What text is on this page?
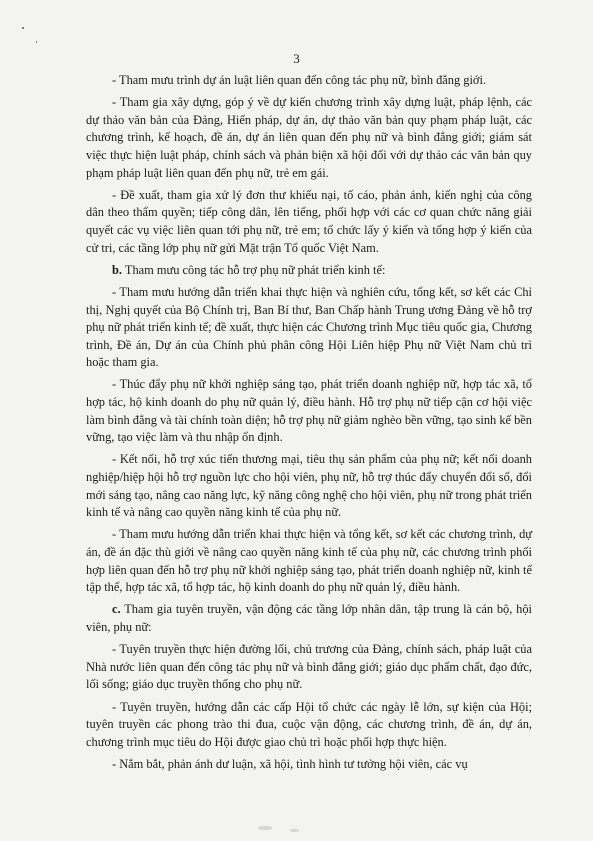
3

- Tham mưu trình dự án luật liên quan đến công tác phụ nữ, bình đẳng giới.

- Tham gia xây dựng, góp ý về dự kiến chương trình xây dựng luật, pháp lệnh, các dự thảo văn bản của Đảng, Hiến pháp, dự án, dự thảo văn bản quy phạm pháp luật, các chương trình, kế hoạch, đề án, dự án liên quan đến phụ nữ và bình đẳng giới; giám sát việc thực hiện luật pháp, chính sách và phản biện xã hội đối với dự thảo các văn bản quy phạm pháp luật liên quan đến phụ nữ, trẻ em gái.

- Đề xuất, tham gia xử lý đơn thư khiếu nại, tố cáo, phản ánh, kiến nghị của công dân theo thẩm quyền; tiếp công dân, lên tiếng, phối hợp với các cơ quan chức năng giải quyết các vụ việc liên quan tới phụ nữ, trẻ em; tổ chức lấy ý kiến và tổng hợp ý kiến của cử tri, các tầng lớp phụ nữ gửi Mặt trận Tổ quốc Việt Nam.

b. Tham mưu công tác hỗ trợ phụ nữ phát triển kinh tế:

- Tham mưu hướng dẫn triển khai thực hiện và nghiên cứu, tổng kết, sơ kết các Chỉ thị, Nghị quyết của Bộ Chính trị, Ban Bí thư, Ban Chấp hành Trung ương Đảng về hỗ trợ phụ nữ phát triển kinh tế; đề xuất, thực hiện các Chương trình Mục tiêu quốc gia, Chương trình, Đề án, Dự án của Chính phủ phân công Hội Liên hiệp Phụ nữ Việt Nam chủ trì hoặc tham gia.

- Thúc đẩy phụ nữ khởi nghiệp sáng tạo, phát triển doanh nghiệp nữ, hợp tác xã, tổ hợp tác, hộ kinh doanh do phụ nữ quản lý, điều hành. Hỗ trợ phụ nữ tiếp cận cơ hội việc làm bình đẳng và tài chính toàn diện; hỗ trợ phụ nữ giảm nghèo bền vững, tạo sinh kế bền vững, tạo việc làm và thu nhập ổn định.

- Kết nối, hỗ trợ xúc tiến thương mại, tiêu thụ sản phẩm của phụ nữ; kết nối doanh nghiệp/hiệp hội hỗ trợ nguồn lực cho hội viên, phụ nữ, hỗ trợ thúc đẩy chuyển đổi số, đổi mới sáng tạo, nâng cao năng lực, kỹ năng công nghệ cho hội viên, phụ nữ trong phát triển kinh tế và nâng cao quyền năng kinh tế của phụ nữ.

- Tham mưu hướng dẫn triển khai thực hiện và tổng kết, sơ kết các chương trình, dự án, đề án đặc thù giới về nâng cao quyền năng kinh tế của phụ nữ, các chương trình phối hợp liên quan đến hỗ trợ phụ nữ khởi nghiệp sáng tạo, phát triển doanh nghiệp nữ, kinh tế tập thể, hợp tác xã, tổ hợp tác, hộ kinh doanh do phụ nữ quản lý, điều hành.

c. Tham gia tuyên truyền, vận động các tầng lớp nhân dân, tập trung là cán bộ, hội viên, phụ nữ:

- Tuyên truyền thực hiện đường lối, chủ trương của Đảng, chính sách, pháp luật của Nhà nước liên quan đến công tác phụ nữ và bình đẳng giới; giáo dục phẩm chất, đạo đức, lối sống; giáo dục truyền thống cho phụ nữ.

- Tuyên truyền, hướng dẫn các cấp Hội tổ chức các ngày lễ lớn, sự kiện của Hội; tuyên truyền các phong trào thi đua, cuộc vận động, các chương trình, đề án, dự án, chương trình mục tiêu do Hội được giao chủ trì hoặc phối hợp thực hiện.

- Nắm bắt, phản ánh dư luận, xã hội, tình hình tư tưởng hội viên, các vụ
